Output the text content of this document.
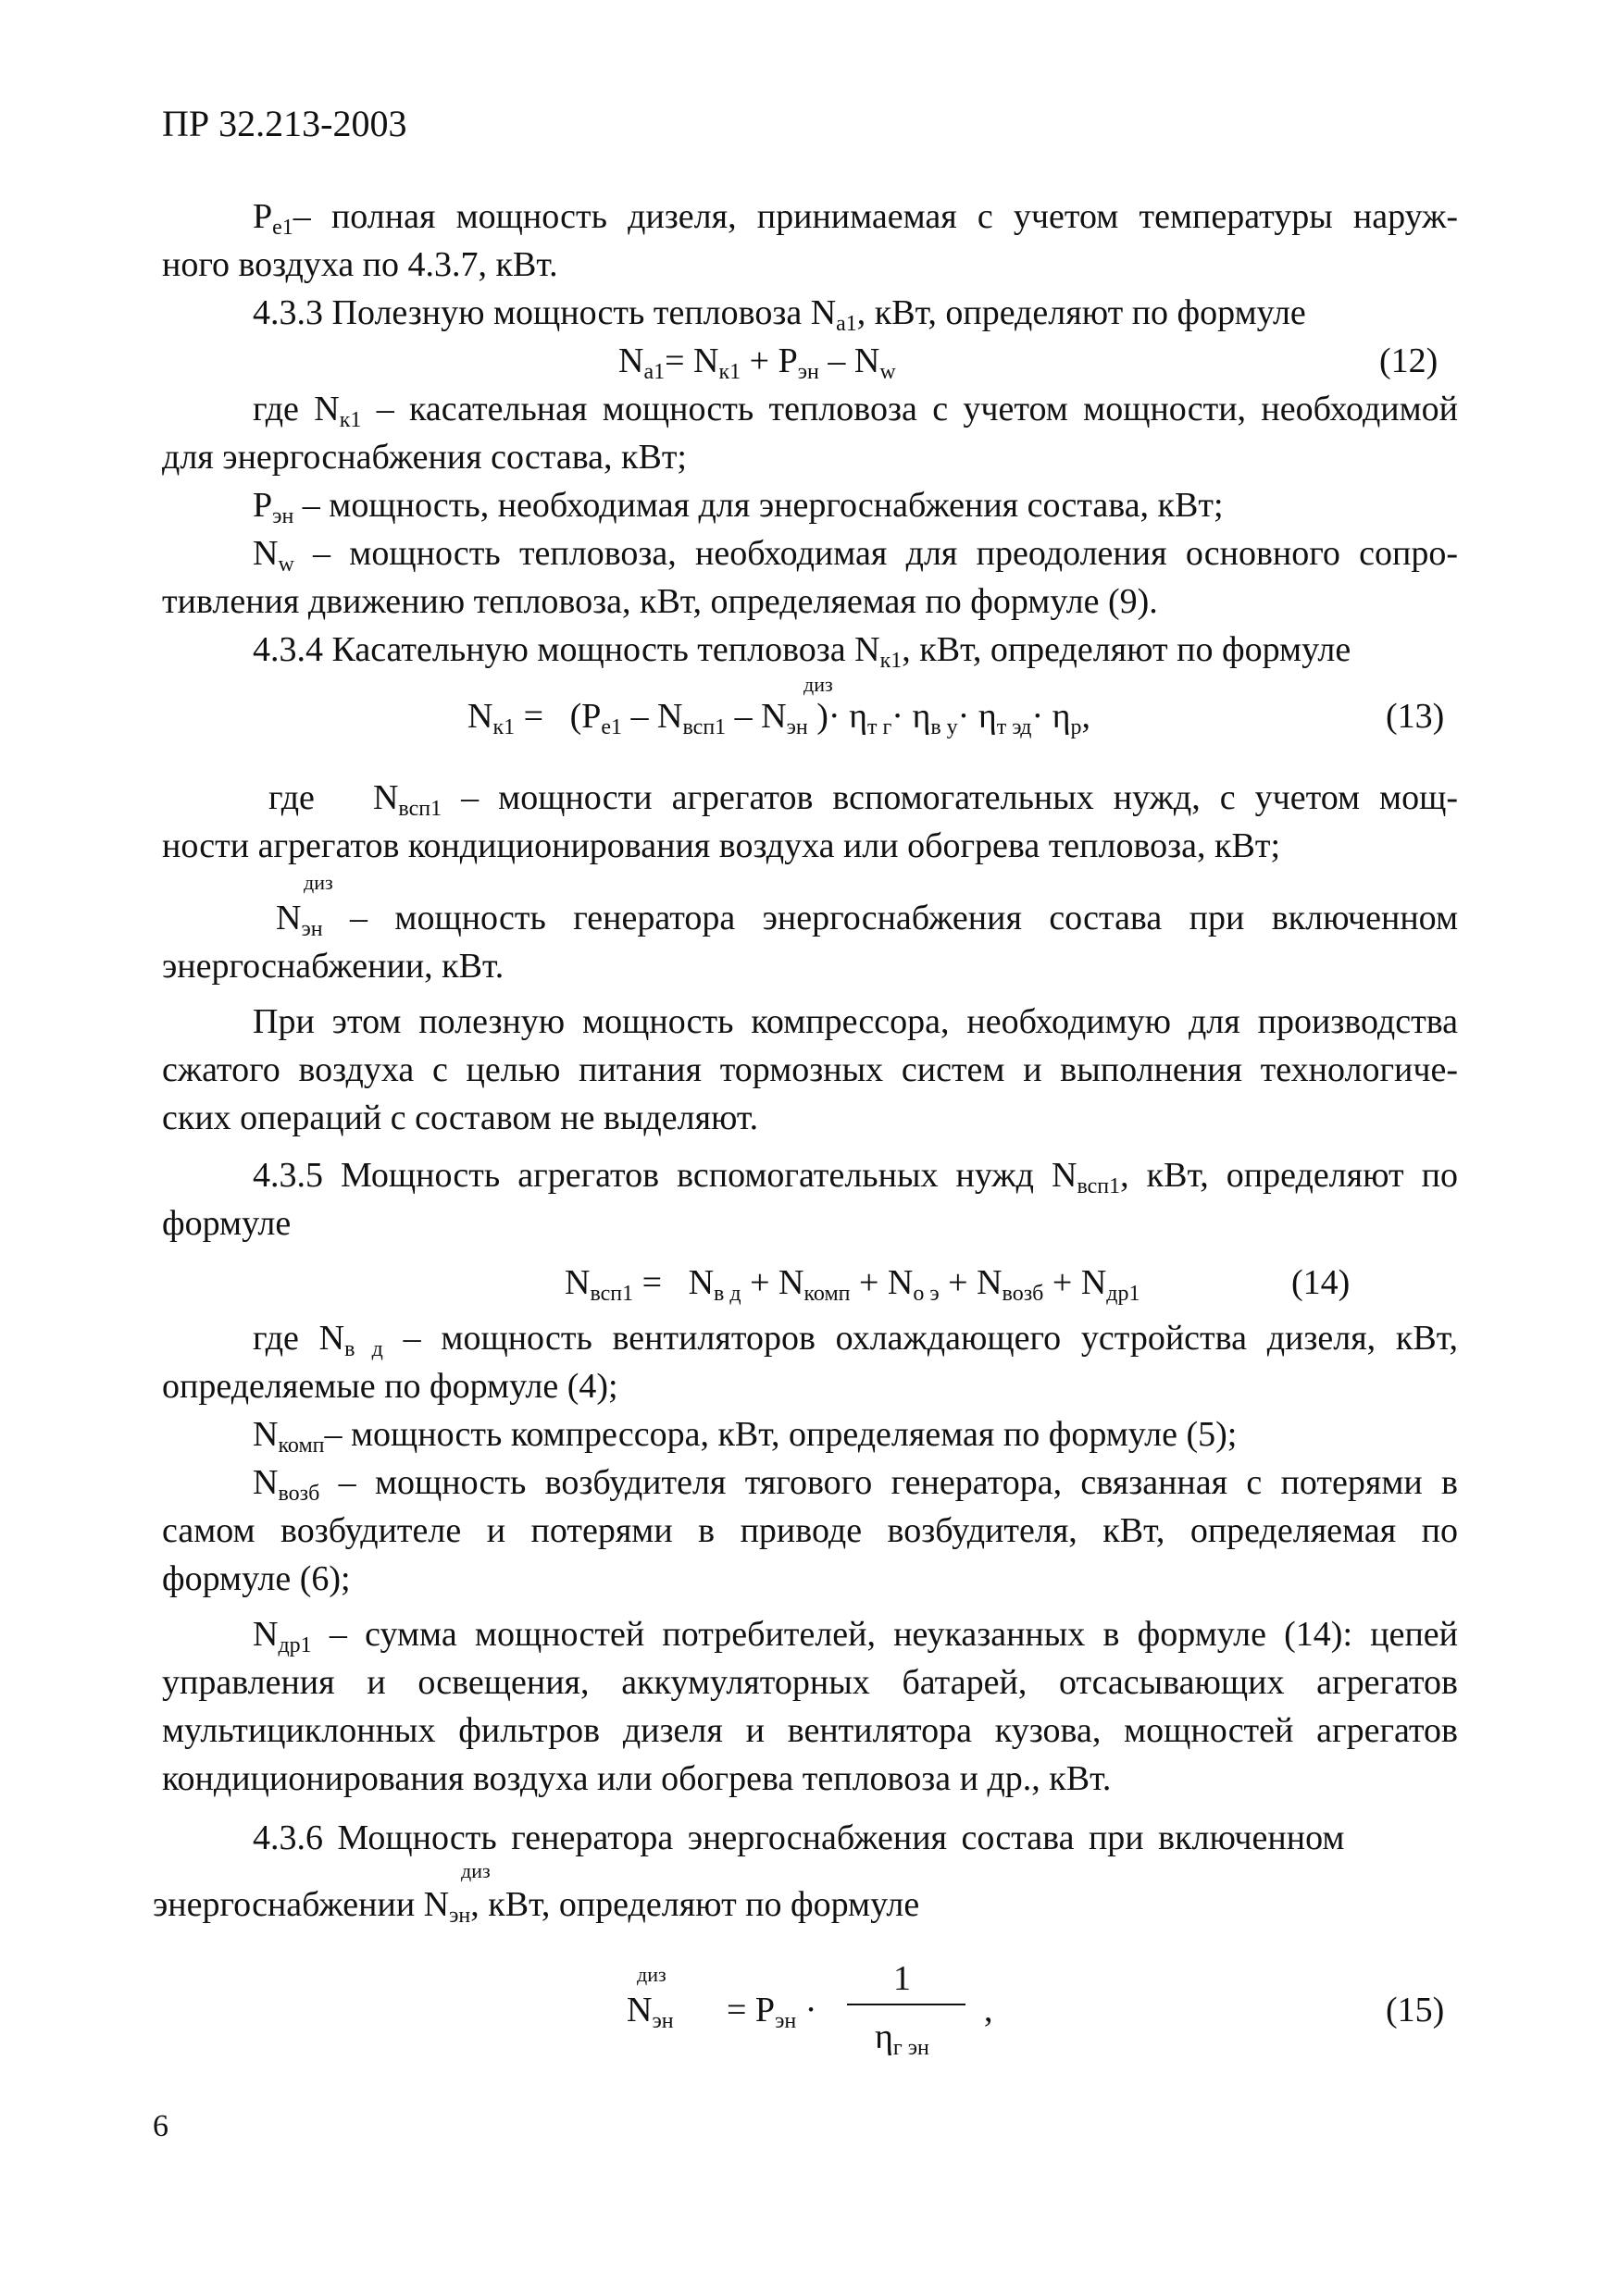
ПР 32.213-2003
$P_{e1}-$ полная мощность дизеля, принимаемая с учетом температуры наруж-
ного воздуха по 4.3.7, кВт.
4.3.3 Полезную мощность тепловоза $N_{a1}$, кВт, определяют по формуле
$N_{a1}= N_{к1} + P_{эн} - N_w$	(12)
где $N_{к1}$ – касательная мощность тепловоза с учетом мощности, необходимой
для энергоснабжения состава, кВт;
$P_{эн}$ – мощность, необходимая для энергоснабжения состава, кВт;
$N_w$ – мощность тепловоза, необходимая для преодоления основного сопро-
тивления движению тепловоза, кВт, определяемая по формуле (9).
4.3.4 Касательную мощность тепловоза $N_{к1}$, кВт, определяют по формуле
диз
$N_{к1} = (P_{e1} - N_{всп1} - N_{эн}$ )· $\eta_{т г}\cdot \eta_{в у}\cdot \eta_{т эд}\cdot \eta_р$,	(13)
где $N_{всп1}$ – мощности агрегатов вспомогательных нужд, с учетом мощ-
ности агрегатов кондиционирования воздуха или обогрева тепловоза, кВт;
диз
$N_{эн}$ – мощность генератора энергоснабжения состава при включенном
энергоснабжении, кВт.
При этом полезную мощность компрессора, необходимую для производства
сжатого воздуха с целью питания тормозных систем и выполнения технологиче-
ских операций с составом не выделяют.
4.3.5 Мощность агрегатов вспомогательных нужд $N_{всп1}$, кВт, определяют по
формуле
$N_{всп1} = N_{в д} + N_{комп} + N_{о э} + N_{возб} + N_{др1}$	(14)
где $N_{в д}$ – мощность вентиляторов охлаждающего устройства дизеля, кВт,
определяемые по формуле (4);
$N_{комп}-$ мощность компрессора, кВт, определяемая по формуле (5);
$N_{возб}$ – мощность возбудителя тягового генератора, связанная с потерями в
самом возбудителе и потерями в приводе возбудителя, кВт, определяемая по
формуле (6);
$N_{др1}$ – сумма мощностей потребителей, неуказанных в формуле (14): цепей
управления и освещения, аккумуляторных батарей, отсасывающих агрегатов
мультициклонных фильтров дизеля и вентилятора кузова, мощностей агрегатов
кондиционирования воздуха или обогрева тепловоза и др., кВт.
4.3.6 Мощность генератора энергоснабжения состава при включенном
диз
энергоснабжении $N_{эн}$, кВт, определяют по формуле
диз
$N_{эн} = P_{эн}$ ·
1
$\eta_{г эн}$
,	(15)
6
